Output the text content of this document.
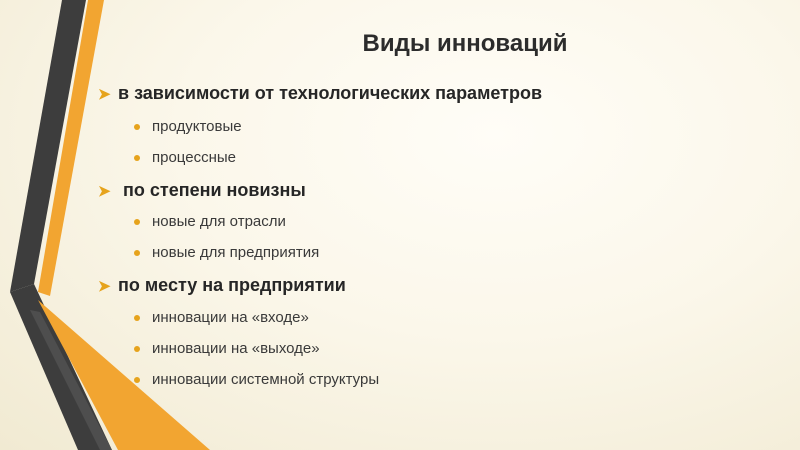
Виды инноваций
➤ в зависимости от технологических параметров
продуктовые
процессные
➤ по степени новизны
новые для отрасли
новые для предприятия
➤ по месту на предприятии
инновации на «входе»
инновации на «выходе»
инновации системной структуры
